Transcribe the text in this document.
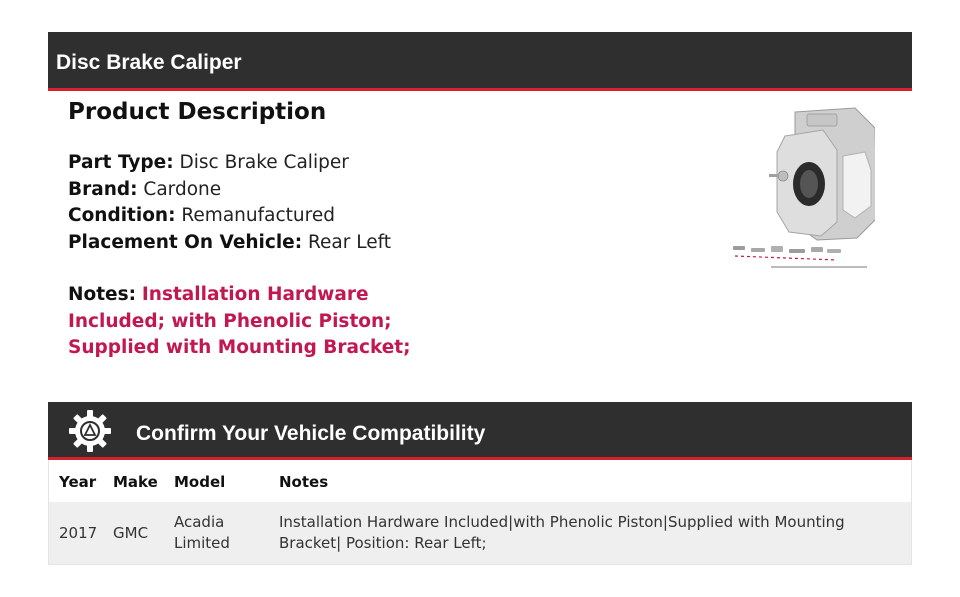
Disc Brake Caliper
Product Description
Part Type: Disc Brake Caliper
Brand: Cardone
Condition: Remanufactured
Placement On Vehicle: Rear Left
Notes: Installation Hardware Included; with Phenolic Piston; Supplied with Mounting Bracket;
Confirm Your Vehicle Compatibility
Year Make Model	Notes
2017 GMC
Acadia Limited
Installation Hardware Included|with Phenolic Piston|Supplied with Mounting Bracket| Position: Rear Left;
